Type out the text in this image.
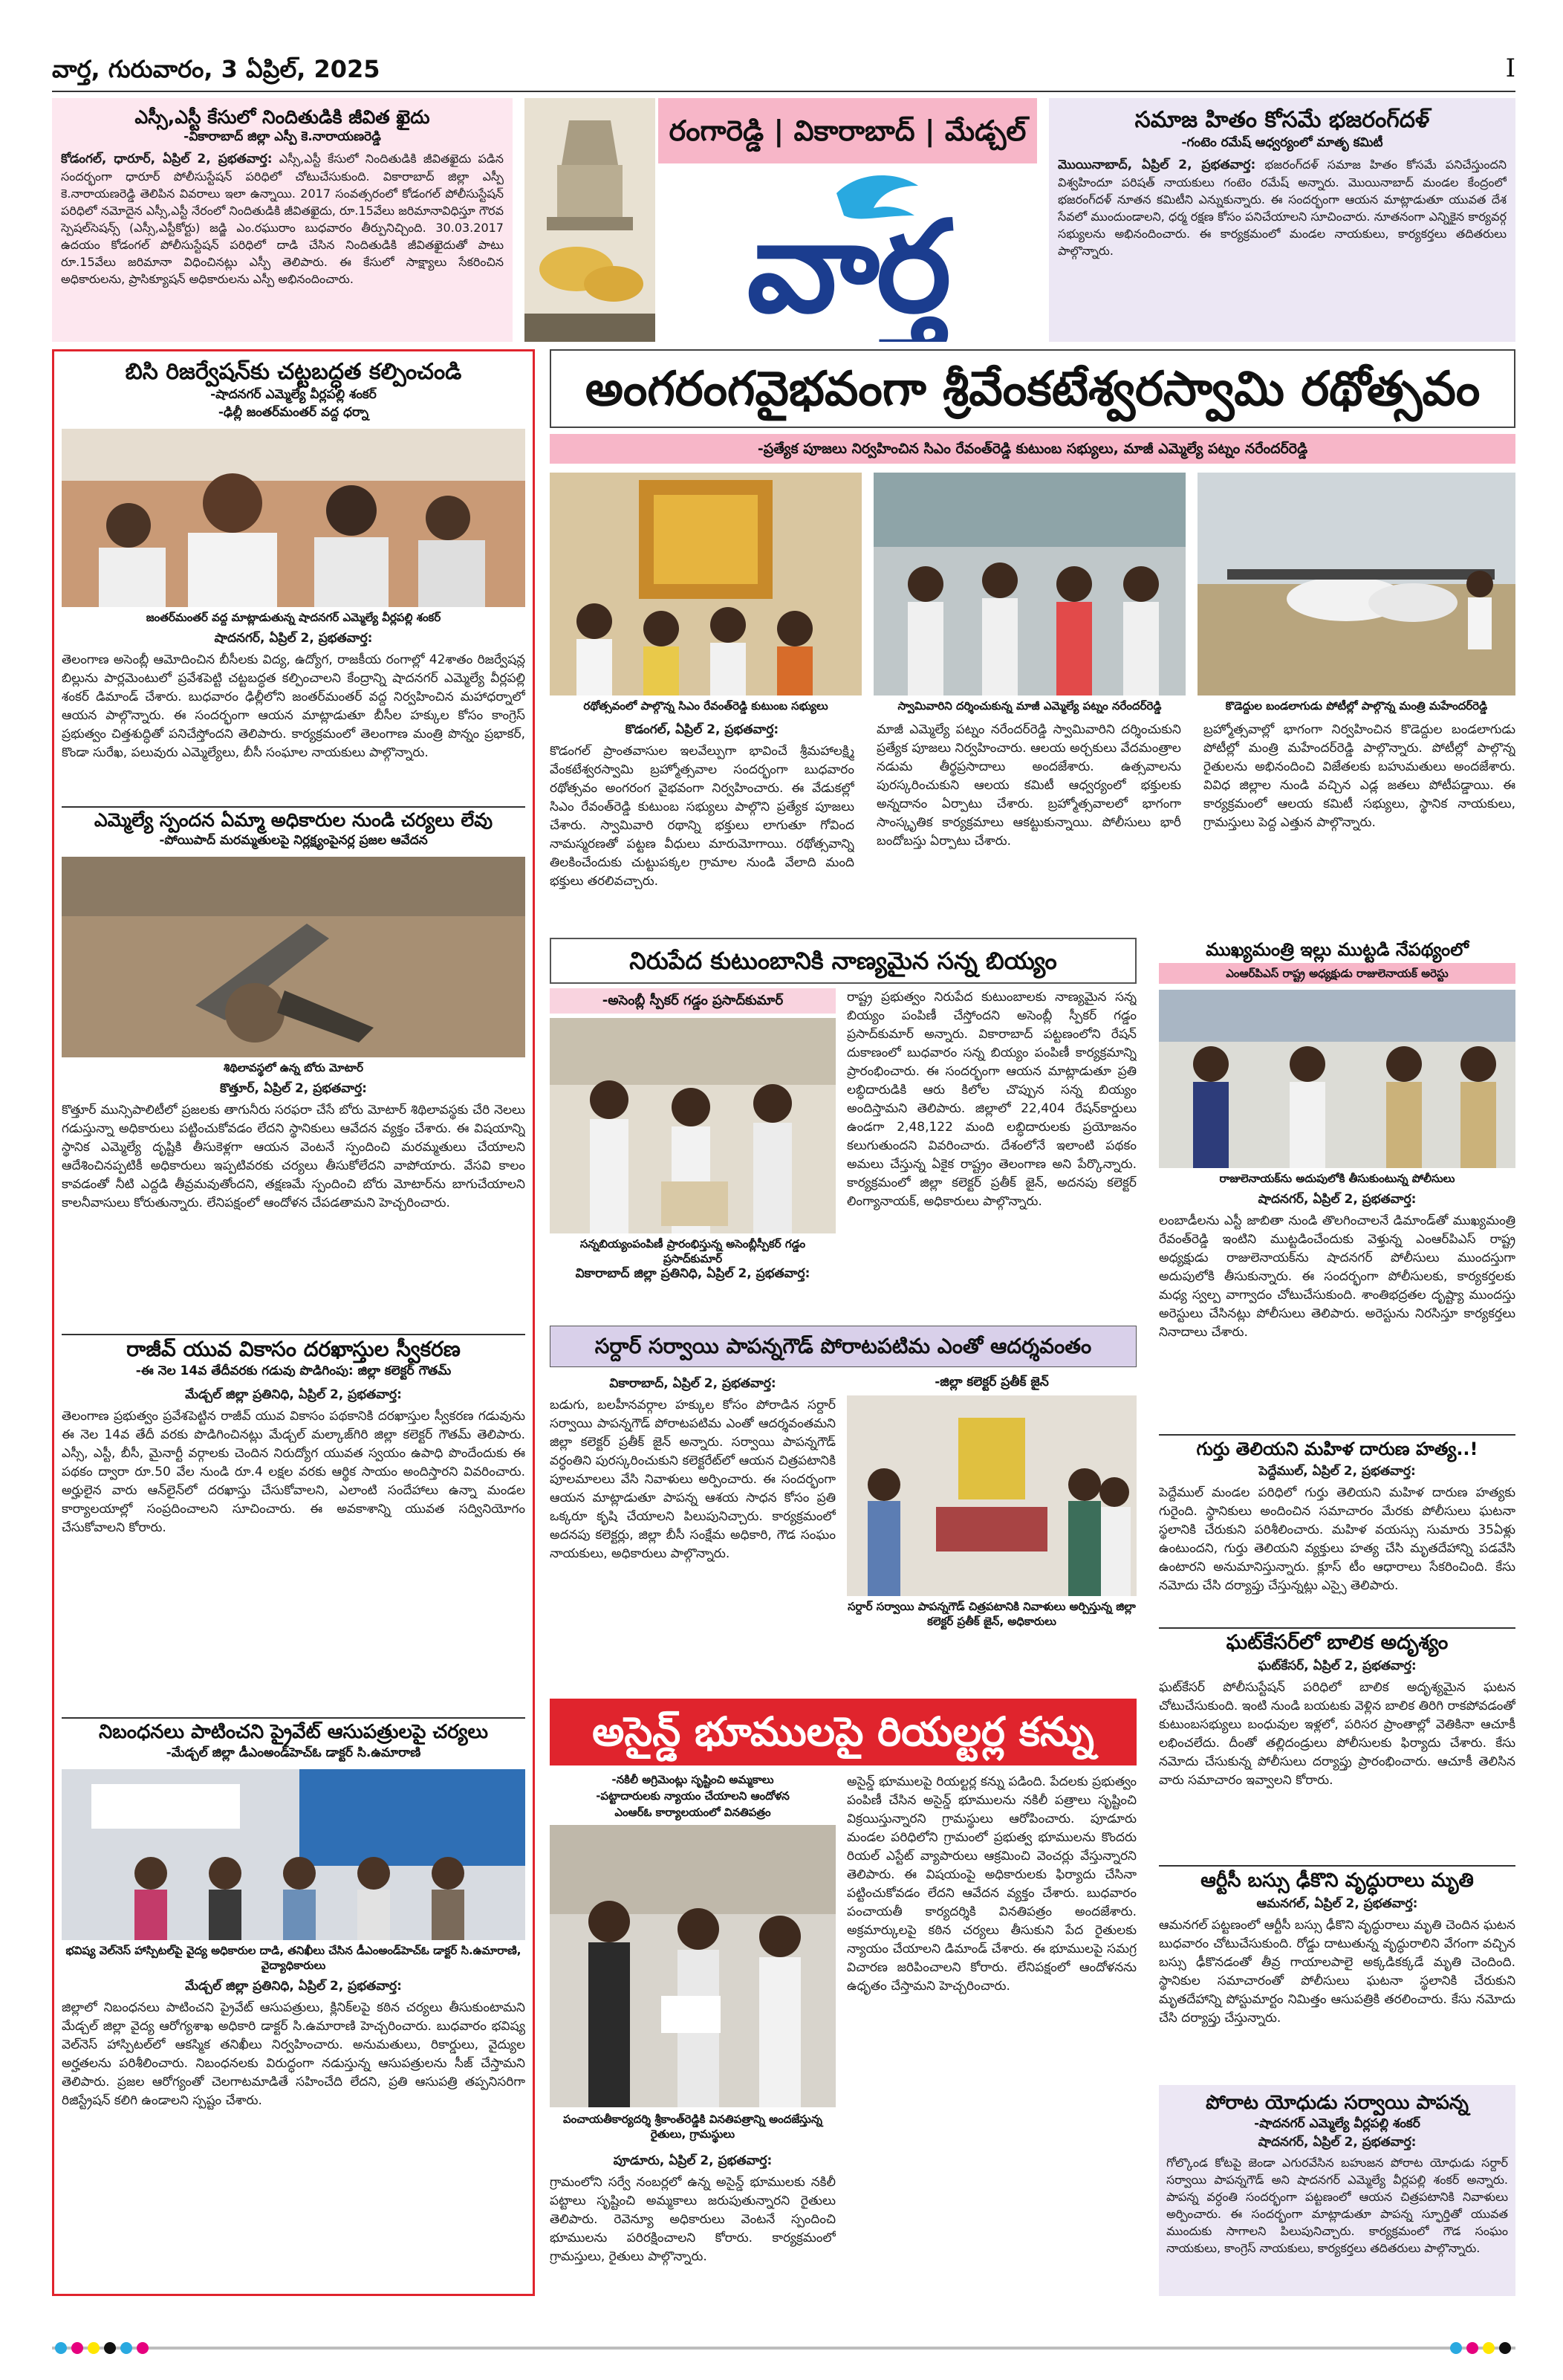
వార్త, గురువారం, 3 ఏప్రిల్, 2025	I
ఎస్సీ,ఎస్టీ కేసులో నిందితుడికి జీవిత ఖైదు
-వికారాబాద్ జిల్లా ఎస్పీ కె.నారాయణరెడ్డి
కోడంగల్, ధారూర్, ఏప్రిల్ 2, ప్రభతవార్త: ఎస్సీ,ఎస్టీ కేసులో నిందితుడికి జీవితఖైదు పడిన సందర్భంగా ధారూర్ పోలీసుస్టేషన్ పరిధిలో చోటుచేసుకుంది. వికారాబాద్ జిల్లా ఎస్పీ కె.నారాయణరెడ్డి తెలిపిన వివరాలు ఇలా ఉన్నాయి. 2017 సంవత్సరంలో కోడంగల్ పోలీసుస్టేషన్ పరిధిలో నమోదైన ఎస్సీ,ఎస్టీ నేరంలో నిందితుడికి జీవితఖైదు, రూ.15వేలు జరిమానావిధిస్తూ గౌరవ స్పెషల్‌సెషన్స్ (ఎస్సీ,ఎస్టీకోర్టు) జడ్జి ఎం.రఘురాం బుధవారం తీర్పునిచ్చింది. 30.03.2017 ఉదయం కోడంగల్ పోలీసుస్టేషన్ పరిధిలో దాడి చేసిన నిందితుడికి జీవితఖైదుతో పాటు రూ.15వేలు జరిమానా విధించినట్లు ఎస్పీ తెలిపారు. ఈ కేసులో సాక్ష్యాలు సేకరించిన అధికారులను, ప్రాసిక్యూషన్ అధికారులను ఎస్పీ అభినందించారు.
రంగారెడ్డి | వికారాబాద్ | మేడ్చల్
వార్త
సమాజ హితం కోసమే భజరంగ్‌దళ్
-గంటెం రమేష్ ఆధ్వర్యంలో మాతృ కమిటీ
మొయినాబాద్, ఏప్రిల్ 2, ప్రభతవార్త: భజరంగ్‌దళ్ సమాజ హితం కోసమే పనిచేస్తుందని విశ్వహిందూ పరిషత్ నాయకులు గంటెం రమేష్ అన్నారు. మొయినాబాద్ మండల కేంద్రంలో భజరంగ్‌దళ్ నూతన కమిటీని ఎన్నుకున్నారు. ఈ సందర్భంగా ఆయన మాట్లాడుతూ యువత దేశ సేవలో ముందుండాలని, ధర్మ రక్షణ కోసం పనిచేయాలని సూచించారు. నూతనంగా ఎన్నికైన కార్యవర్గ సభ్యులను అభినందించారు. ఈ కార్యక్రమంలో మండల నాయకులు, కార్యకర్తలు తదితరులు పాల్గొన్నారు.
బిసి రిజర్వేషన్‌కు చట్టబద్ధత కల్పించండి
-షాదనగర్ ఎమ్మెల్యే వీర్లపల్లి శంకర్
-ఢిల్లీ జంతర్‌మంతర్ వద్ద ధర్నా
జంతర్‌మంతర్ వద్ద మాట్లాడుతున్న షాదనగర్ ఎమ్మెల్యే వీర్లపల్లి శంకర్
షాదనగర్, ఏప్రిల్ 2, ప్రభతవార్త:
తెలంగాణ అసెంబ్లీ ఆమోదించిన బీసీలకు విద్య, ఉద్యోగ, రాజకీయ రంగాల్లో 42శాతం రిజర్వేషన్ల బిల్లును పార్లమెంటులో ప్రవేశపెట్టి చట్టబద్ధత కల్పించాలని కేంద్రాన్ని షాదనగర్ ఎమ్మెల్యే వీర్లపల్లి శంకర్ డిమాండ్ చేశారు. బుధవారం ఢిల్లీలోని జంతర్‌మంతర్ వద్ద నిర్వహించిన మహాధర్నాలో ఆయన పాల్గొన్నారు. ఈ సందర్భంగా ఆయన మాట్లాడుతూ బీసీల హక్కుల కోసం కాంగ్రెస్ ప్రభుత్వం చిత్తశుద్ధితో పనిచేస్తోందని తెలిపారు. కార్యక్రమంలో తెలంగాణ మంత్రి పొన్నం ప్రభాకర్, కొండా సురేఖ, పలువురు ఎమ్మెల్యేలు, బీసీ సంఘాల నాయకులు పాల్గొన్నారు.
ఎమ్మెల్యే స్పందన ఏమ్మా అధికారుల నుండి చర్యలు లేవు
-పోయిపాద్ మరమ్మతులపై నిర్లక్ష్యంపైనర్ల ప్రజల ఆవేదన
శిథిలావస్థలో ఉన్న బోరు మోటార్
కొత్తూర్, ఏప్రిల్ 2, ప్రభతవార్త:
కొత్తూర్ మున్సిపాలిటీలో ప్రజలకు తాగునీరు సరఫరా చేసే బోరు మోటార్ శిథిలావస్థకు చేరి నెలలు గడుస్తున్నా అధికారులు పట్టించుకోవడం లేదని స్థానికులు ఆవేదన వ్యక్తం చేశారు. ఈ విషయాన్ని స్థానిక ఎమ్మెల్యే దృష్టికి తీసుకెళ్లగా ఆయన వెంటనే స్పందించి మరమ్మతులు చేయాలని ఆదేశించినప్పటికీ అధికారులు ఇప్పటివరకు చర్యలు తీసుకోలేదని వాపోయారు. వేసవి కాలం కావడంతో నీటి ఎద్దడి తీవ్రమవుతోందని, తక్షణమే స్పందించి బోరు మోటార్‌ను బాగుచేయాలని కాలనీవాసులు కోరుతున్నారు. లేనిపక్షంలో ఆందోళన చేపడతామని హెచ్చరించారు.
రాజీవ్ యువ వికాసం దరఖాస్తుల స్వీకరణ
-ఈ నెల 14వ తేదీవరకు గడువు పొడిగింపు: జిల్లా కలెక్టర్ గౌతమ్
మేడ్చల్ జిల్లా ప్రతినిధి, ఏప్రిల్ 2, ప్రభతవార్త:
తెలంగాణ ప్రభుత్వం ప్రవేశపెట్టిన రాజీవ్ యువ వికాసం పథకానికి దరఖాస్తుల స్వీకరణ గడువును ఈ నెల 14వ తేదీ వరకు పొడిగించినట్లు మేడ్చల్ మల్కాజ్‌గిరి జిల్లా కలెక్టర్ గౌతమ్ తెలిపారు. ఎస్సీ, ఎస్టీ, బీసీ, మైనార్టీ వర్గాలకు చెందిన నిరుద్యోగ యువత స్వయం ఉపాధి పొందేందుకు ఈ పథకం ద్వారా రూ.50 వేల నుండి రూ.4 లక్షల వరకు ఆర్థిక సాయం అందిస్తారని వివరించారు. అర్హులైన వారు ఆన్‌లైన్‌లో దరఖాస్తు చేసుకోవాలని, ఎలాంటి సందేహాలు ఉన్నా మండల కార్యాలయాల్లో సంప్రదించాలని సూచించారు. ఈ అవకాశాన్ని యువత సద్వినియోగం చేసుకోవాలని కోరారు.
నిబంధనలు పాటించని ప్రైవేట్ ఆసుపత్రులపై చర్యలు
-మేడ్చల్ జిల్లా డీఎంఅండ్‌హెచ్‌ఓ డాక్టర్ సి.ఉమారాణి
భవిష్య వెల్‌నెస్ హాస్పిటల్‌పై వైద్య అధికారుల దాడి, తనిఖీలు చేసిన డీఎంఅండ్‌హెచ్‌ఓ డాక్టర్ సి.ఉమారాణి, వైద్యాధికారులు
మేడ్చల్ జిల్లా ప్రతినిధి, ఏప్రిల్ 2, ప్రభతవార్త:
జిల్లాలో నిబంధనలు పాటించని ప్రైవేట్ ఆసుపత్రులు, క్లినిక్‌లపై కఠిన చర్యలు తీసుకుంటామని మేడ్చల్ జిల్లా వైద్య ఆరోగ్యశాఖ అధికారి డాక్టర్ సి.ఉమారాణి హెచ్చరించారు. బుధవారం భవిష్య వెల్‌నెస్ హాస్పిటల్‌లో ఆకస్మిక తనిఖీలు నిర్వహించారు. అనుమతులు, రికార్డులు, వైద్యుల అర్హతలను పరిశీలించారు. నిబంధనలకు విరుద్ధంగా నడుస్తున్న ఆసుపత్రులను సీజ్ చేస్తామని తెలిపారు. ప్రజల ఆరోగ్యంతో చెలగాటమాడితే సహించేది లేదని, ప్రతి ఆసుపత్రి తప్పనిసరిగా రిజిస్ట్రేషన్ కలిగి ఉండాలని స్పష్టం చేశారు.
అంగరంగవైభవంగా శ్రీవేంకటేశ్వరస్వామి రథోత్సవం
-ప్రత్యేక పూజలు నిర్వహించిన సిఎం రేవంత్‌రెడ్డి కుటుంబ సభ్యులు, మాజీ ఎమ్మెల్యే పట్నం నరేందర్‌రెడ్డి
రథోత్సవంలో పాల్గొన్న సిఎం రేవంత్‌రెడ్డి కుటుంబ సభ్యులు	స్వామివారిని దర్శించుకున్న మాజీ ఎమ్మెల్యే పట్నం నరేందర్‌రెడ్డి	కొడెద్దుల బండలాగుడు పోటీల్లో పాల్గొన్న మంత్రి మహేందర్‌రెడ్డి
కొడంగల్, ఏప్రిల్ 2, ప్రభతవార్త:
కొడంగల్ ప్రాంతవాసుల ఇలవేల్పుగా భావించే శ్రీమహాలక్ష్మి వేంకటేశ్వరస్వామి బ్రహ్మోత్సవాల సందర్భంగా బుధవారం రథోత్సవం అంగరంగ వైభవంగా నిర్వహించారు. ఈ వేడుకల్లో సిఎం రేవంత్‌రెడ్డి కుటుంబ సభ్యులు పాల్గొని ప్రత్యేక పూజలు చేశారు. స్వామివారి రథాన్ని భక్తులు లాగుతూ గోవింద నామస్మరణతో పట్టణ వీధులు మారుమోగాయి. రథోత్సవాన్ని తిలకించేందుకు చుట్టుపక్కల గ్రామాల నుండి వేలాది మంది భక్తులు తరలివచ్చారు.
మాజీ ఎమ్మెల్యే పట్నం నరేందర్‌రెడ్డి స్వామివారిని దర్శించుకుని ప్రత్యేక పూజలు నిర్వహించారు. ఆలయ అర్చకులు వేదమంత్రాల నడుమ తీర్థప్రసాదాలు అందజేశారు. ఉత్సవాలను పురస్కరించుకుని ఆలయ కమిటీ ఆధ్వర్యంలో భక్తులకు అన్నదానం ఏర్పాటు చేశారు. బ్రహ్మోత్సవాలలో భాగంగా సాంస్కృతిక కార్యక్రమాలు ఆకట్టుకున్నాయి. పోలీసులు భారీ బందోబస్తు ఏర్పాటు చేశారు.
బ్రహ్మోత్సవాల్లో భాగంగా నిర్వహించిన కొడెద్దుల బండలాగుడు పోటీల్లో మంత్రి మహేందర్‌రెడ్డి పాల్గొన్నారు. పోటీల్లో పాల్గొన్న రైతులను అభినందించి విజేతలకు బహుమతులు అందజేశారు. వివిధ జిల్లాల నుండి వచ్చిన ఎడ్ల జతలు పోటీపడ్డాయి. ఈ కార్యక్రమంలో ఆలయ కమిటీ సభ్యులు, స్థానిక నాయకులు, గ్రామస్తులు పెద్ద ఎత్తున పాల్గొన్నారు.
నిరుపేద కుటుంబానికి నాణ్యమైన సన్న బియ్యం
-అసెంబ్లీ స్పీకర్ గడ్డం ప్రసాద్‌కుమార్
సన్నబియ్యంపంపిణీ ప్రారంభిస్తున్న అసెంబ్లీస్పీకర్ గడ్డం ప్రసాద్‌కుమార్
రాష్ట్ర ప్రభుత్వం నిరుపేద కుటుంబాలకు నాణ్యమైన సన్న బియ్యం పంపిణీ చేస్తోందని అసెంబ్లీ స్పీకర్ గడ్డం ప్రసాద్‌కుమార్ అన్నారు. వికారాబాద్ పట్టణంలోని రేషన్ దుకాణంలో బుధవారం సన్న బియ్యం పంపిణీ కార్యక్రమాన్ని ప్రారంభించారు. ఈ సందర్భంగా ఆయన మాట్లాడుతూ ప్రతి లబ్ధిదారుడికి ఆరు కిలోల చొప్పున సన్న బియ్యం అందిస్తామని తెలిపారు. జిల్లాలో 22,404 రేషన్‌కార్డులు ఉండగా 2,48,122 మంది లబ్ధిదారులకు ప్రయోజనం కలుగుతుందని వివరించారు. దేశంలోనే ఇలాంటి పథకం అమలు చేస్తున్న ఏకైక రాష్ట్రం తెలంగాణ అని పేర్కొన్నారు. కార్యక్రమంలో జిల్లా కలెక్టర్ ప్రతీక్ జైన్, అదనపు కలెక్టర్ లింగ్యానాయక్, అధికారులు పాల్గొన్నారు.
వికారాబాద్ జిల్లా ప్రతినిధి, ఏప్రిల్ 2, ప్రభతవార్త:
ముఖ్యమంత్రి ఇల్లు ముట్టడి నేపథ్యంలో
ఎంఆర్‌పిఎస్ రాష్ట్ర అధ్యక్షుడు రాజులెనాయక్ అరెస్టు
రాజులెనాయక్‌ను అదుపులోకి తీసుకుంటున్న పోలీసులు
షాదనగర్, ఏప్రిల్ 2, ప్రభతవార్త:
లంబాడీలను ఎస్టీ జాబితా నుండి తొలగించాలనే డిమాండ్‌తో ముఖ్యమంత్రి రేవంత్‌రెడ్డి ఇంటిని ముట్టడించేందుకు వెళ్తున్న ఎంఆర్‌పిఎస్ రాష్ట్ర అధ్యక్షుడు రాజులెనాయక్‌ను షాదనగర్ పోలీసులు ముందస్తుగా అదుపులోకి తీసుకున్నారు. ఈ సందర్భంగా పోలీసులకు, కార్యకర్తలకు మధ్య స్వల్ప వాగ్వాదం చోటుచేసుకుంది. శాంతిభద్రతల దృష్ట్యా ముందస్తు అరెస్టులు చేసినట్లు పోలీసులు తెలిపారు. అరెస్టును నిరసిస్తూ కార్యకర్తలు నినాదాలు చేశారు.
గుర్తు తెలియని మహిళ దారుణ హత్య..!
పెద్దేముల్, ఏప్రిల్ 2, ప్రభతవార్త:
పెద్దేముల్ మండల పరిధిలో గుర్తు తెలియని మహిళ దారుణ హత్యకు గురైంది. స్థానికులు అందించిన సమాచారం మేరకు పోలీసులు ఘటనా స్థలానికి చేరుకుని పరిశీలించారు. మహిళ వయస్సు సుమారు 35ఏళ్లు ఉంటుందని, గుర్తు తెలియని వ్యక్తులు హత్య చేసి మృతదేహాన్ని పడవేసి ఉంటారని అనుమానిస్తున్నారు. క్లూస్ టీం ఆధారాలు సేకరించింది. కేసు నమోదు చేసి దర్యాప్తు చేస్తున్నట్లు ఎస్సై తెలిపారు.
ఘట్‌కేసర్‌లో బాలిక అదృశ్యం
ఘట్‌కేసర్, ఏప్రిల్ 2, ప్రభతవార్త:
ఘట్‌కేసర్ పోలీసుస్టేషన్ పరిధిలో బాలిక అదృశ్యమైన ఘటన చోటుచేసుకుంది. ఇంటి నుండి బయటకు వెళ్లిన బాలిక తిరిగి రాకపోవడంతో కుటుంబసభ్యులు బంధువుల ఇళ్లలో, పరిసర ప్రాంతాల్లో వెతికినా ఆచూకీ లభించలేదు. దీంతో తల్లిదండ్రులు పోలీసులకు ఫిర్యాదు చేశారు. కేసు నమోదు చేసుకున్న పోలీసులు దర్యాప్తు ప్రారంభించారు. ఆచూకీ తెలిసిన వారు సమాచారం ఇవ్వాలని కోరారు.
ఆర్టీసీ బస్సు ఢీకొని వృద్ధురాలు మృతి
ఆమనగల్, ఏప్రిల్ 2, ప్రభతవార్త:
ఆమనగల్ పట్టణంలో ఆర్టీసీ బస్సు ఢీకొని వృద్ధురాలు మృతి చెందిన ఘటన బుధవారం చోటుచేసుకుంది. రోడ్డు దాటుతున్న వృద్ధురాలిని వేగంగా వచ్చిన బస్సు ఢీకొనడంతో తీవ్ర గాయాలపాలై అక్కడికక్కడే మృతి చెందింది. స్థానికుల సమాచారంతో పోలీసులు ఘటనా స్థలానికి చేరుకుని మృతదేహాన్ని పోస్టుమార్టం నిమిత్తం ఆసుపత్రికి తరలించారు. కేసు నమోదు చేసి దర్యాప్తు చేస్తున్నారు.
పోరాట యోధుడు సర్వాయి పాపన్న
-షాదనగర్ ఎమ్మెల్యే వీర్లపల్లి శంకర్
షాదనగర్, ఏప్రిల్ 2, ప్రభతవార్త:
గోల్కొండ కోటపై జెండా ఎగురవేసిన బహుజన పోరాట యోధుడు సర్దార్ సర్వాయి పాపన్నగౌడ్ అని షాదనగర్ ఎమ్మెల్యే వీర్లపల్లి శంకర్ అన్నారు. పాపన్న వర్ధంతి సందర్భంగా పట్టణంలో ఆయన చిత్రపటానికి నివాళులు అర్పించారు. ఈ సందర్భంగా మాట్లాడుతూ పాపన్న స్ఫూర్తితో యువత ముందుకు సాగాలని పిలుపునిచ్చారు. కార్యక్రమంలో గౌడ సంఘం నాయకులు, కాంగ్రెస్ నాయకులు, కార్యకర్తలు తదితరులు పాల్గొన్నారు.
సర్దార్ సర్వాయి పాపన్నగౌడ్ పోరాటపటిమ ఎంతో ఆదర్శవంతం
వికారాబాద్, ఏప్రిల్ 2, ప్రభతవార్త:
బడుగు, బలహీనవర్గాల హక్కుల కోసం పోరాడిన సర్దార్ సర్వాయి పాపన్నగౌడ్ పోరాటపటిమ ఎంతో ఆదర్శవంతమని జిల్లా కలెక్టర్ ప్రతీక్ జైన్ అన్నారు. సర్వాయి పాపన్నగౌడ్ వర్ధంతిని పురస్కరించుకుని కలెక్టరేట్‌లో ఆయన చిత్రపటానికి పూలమాలలు వేసి నివాళులు అర్పించారు. ఈ సందర్భంగా ఆయన మాట్లాడుతూ పాపన్న ఆశయ సాధన కోసం ప్రతి ఒక్కరూ కృషి చేయాలని పిలుపునిచ్చారు. కార్యక్రమంలో అదనపు కలెక్టర్లు, జిల్లా బీసీ సంక్షేమ అధికారి, గౌడ సంఘం నాయకులు, అధికారులు పాల్గొన్నారు.
-జిల్లా కలెక్టర్ ప్రతీక్ జైన్
సర్దార్ సర్వాయి పాపన్నగౌడ్ చిత్రపటానికి నివాళులు అర్పిస్తున్న జిల్లా కలెక్టర్ ప్రతీక్ జైన్, అధికారులు
అసైన్డ్ భూములపై రియల్టర్ల కన్ను
-నకిలీ అగ్రిమెంట్లు సృష్టించి అమ్మకాలు
-పట్టాదారులకు న్యాయం చేయాలని ఆందోళన
ఎంఆర్‌ఓ కార్యాలయంలో వినతిపత్రం
పంచాయతీకార్యదర్శి శ్రీకాంత్‌రెడ్డికి వినతిపత్రాన్ని అందజేస్తున్న రైతులు, గ్రామస్థులు
పూడూరు, ఏప్రిల్ 2, ప్రభతవార్త:
గ్రామంలోని సర్వే నంబర్లలో ఉన్న అసైన్డ్ భూములకు నకిలీ పట్టాలు సృష్టించి అమ్మకాలు జరుపుతున్నారని రైతులు తెలిపారు. రెవెన్యూ అధికారులు వెంటనే స్పందించి భూములను పరిరక్షించాలని కోరారు. కార్యక్రమంలో గ్రామస్తులు, రైతులు పాల్గొన్నారు.
అసైన్డ్ భూములపై రియల్టర్ల కన్ను పడింది. పేదలకు ప్రభుత్వం పంపిణీ చేసిన అసైన్డ్ భూములను నకిలీ పత్రాలు సృష్టించి విక్రయిస్తున్నారని గ్రామస్థులు ఆరోపించారు. పూడూరు మండల పరిధిలోని గ్రామంలో ప్రభుత్వ భూములను కొందరు రియల్ ఎస్టేట్ వ్యాపారులు ఆక్రమించి వెంచర్లు వేస్తున్నారని తెలిపారు. ఈ విషయంపై అధికారులకు ఫిర్యాదు చేసినా పట్టించుకోవడం లేదని ఆవేదన వ్యక్తం చేశారు. బుధవారం పంచాయతీ కార్యదర్శికి వినతిపత్రం అందజేశారు. అక్రమార్కులపై కఠిన చర్యలు తీసుకుని పేద రైతులకు న్యాయం చేయాలని డిమాండ్ చేశారు. ఈ భూములపై సమగ్ర విచారణ జరిపించాలని కోరారు. లేనిపక్షంలో ఆందోళనను ఉధృతం చేస్తామని హెచ్చరించారు.
